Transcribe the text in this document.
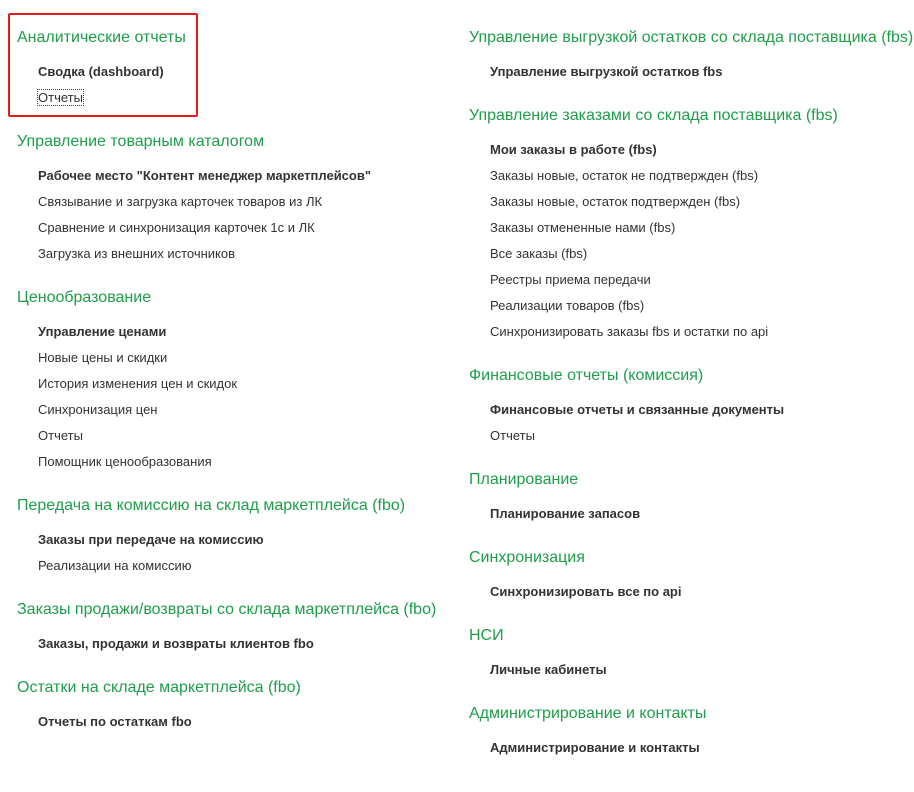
Аналитические отчеты
Сводка (dashboard)
Отчеты
Управление товарным каталогом
Рабочее место "Контент менеджер маркетплейсов"
Связывание и загрузка карточек товаров из ЛК
Сравнение и синхронизация карточек 1с и ЛК
Загрузка из внешних источников
Ценообразование
Управление ценами
Новые цены и скидки
История изменения цен и скидок
Синхронизация цен
Отчеты
Помощник ценообразования
Передача на комиссию на склад маркетплейса (fbo)
Заказы при передаче на комиссию
Реализации на комиссию
Заказы продажи/возвраты со склада маркетплейса (fbo)
Заказы, продажи и возвраты клиентов fbo
Остатки на складе маркетплейса (fbo)
Отчеты по остаткам fbo
Управление выгрузкой остатков со склада поставщика (fbs)
Управление выгрузкой остатков fbs
Управление заказами со склада поставщика (fbs)
Мои заказы в работе (fbs)
Заказы новые, остаток не подтвержден (fbs)
Заказы новые, остаток подтвержден (fbs)
Заказы отмененные нами (fbs)
Все заказы (fbs)
Реестры приема передачи
Реализации товаров (fbs)
Синхронизировать заказы fbs и остатки по api
Финансовые отчеты (комиссия)
Финансовые отчеты и связанные документы
Отчеты
Планирование
Планирование запасов
Синхронизация
Синхронизировать все по api
НСИ
Личные кабинеты
Администрирование и контакты
Администрирование и контакты
